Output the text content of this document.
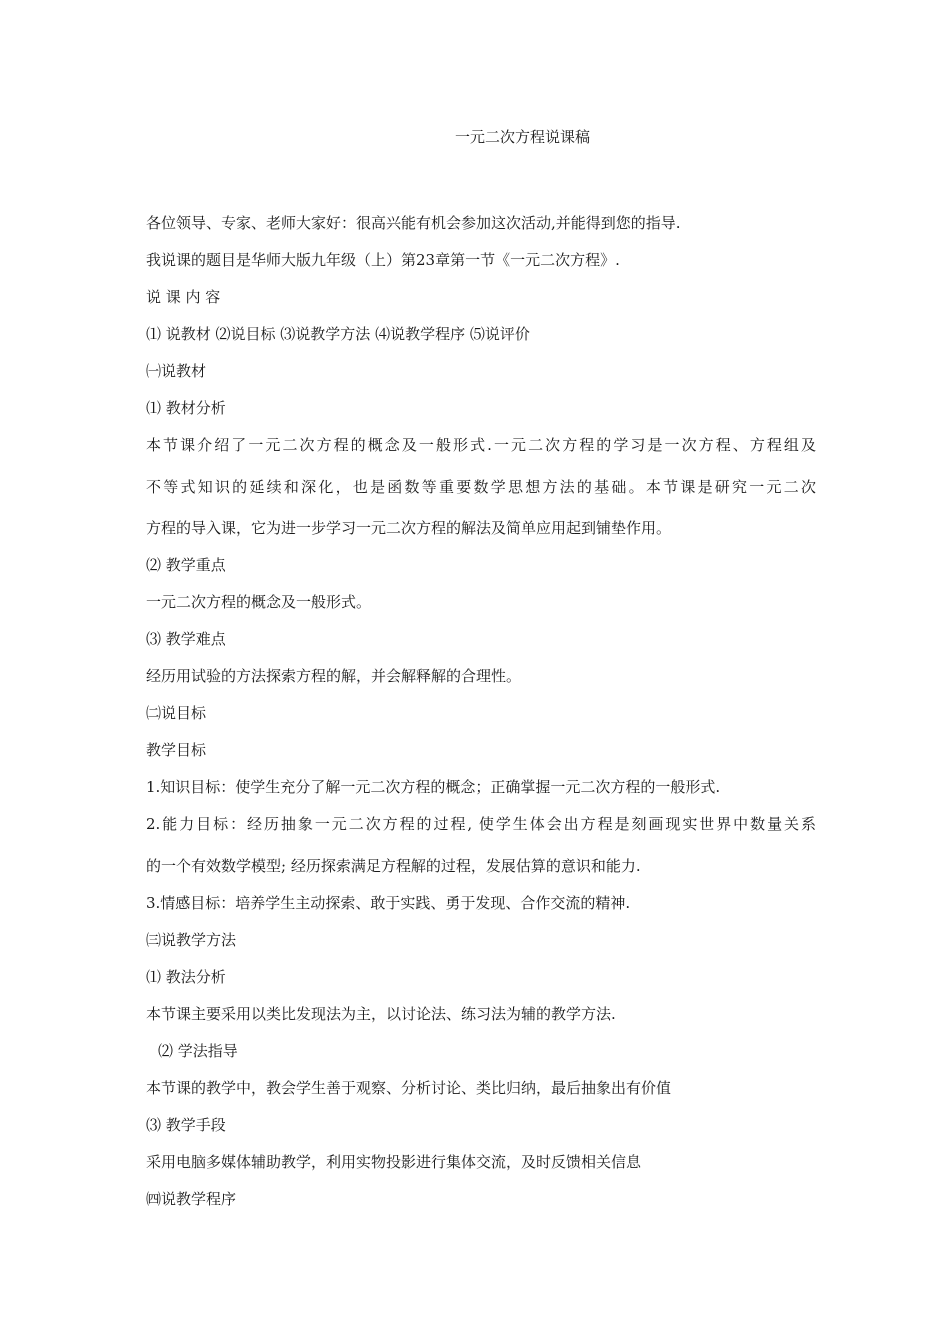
一元二次方程说课稿
各位领导、专家、老师大家好：很高兴能有机会参加这次活动,并能得到您的指导.
我说课的题目是华师大版九年级（上）第23章第一节《一元二次方程》.
说 课 内 容
⑴ 说教材 ⑵说目标 ⑶说教学方法 ⑷说教学程序 ⑸说评价
㈠说教材
⑴ 教材分析
本节课介绍了一元二次方程的概念及一般形式.一元二次方程的学习是一次方程、方程组及
不等式知识的延续和深化，也是函数等重要数学思想方法的基础。本节课是研究一元二次
方程的导入课，它为进一步学习一元二次方程的解法及简单应用起到铺垫作用。
⑵ 教学重点
一元二次方程的概念及一般形式。
⑶ 教学难点
经历用试验的方法探索方程的解，并会解释解的合理性。
㈡说目标
教学目标
1.知识目标：使学生充分了解一元二次方程的概念；正确掌握一元二次方程的一般形式.
2.能力目标：经历抽象一元二次方程的过程, 使学生体会出方程是刻画现实世界中数量关系
的一个有效数学模型; 经历探索满足方程解的过程，发展估算的意识和能力.
3.情感目标：培养学生主动探索、敢于实践、勇于发现、合作交流的精神.
㈢说教学方法
⑴ 教法分析
本节课主要采用以类比发现法为主，以讨论法、练习法为辅的教学方法.
⑵ 学法指导
本节课的教学中，教会学生善于观察、分析讨论、类比归纳，最后抽象出有价值
⑶ 教学手段
采用电脑多媒体辅助教学，利用实物投影进行集体交流，及时反馈相关信息
㈣说教学程序
